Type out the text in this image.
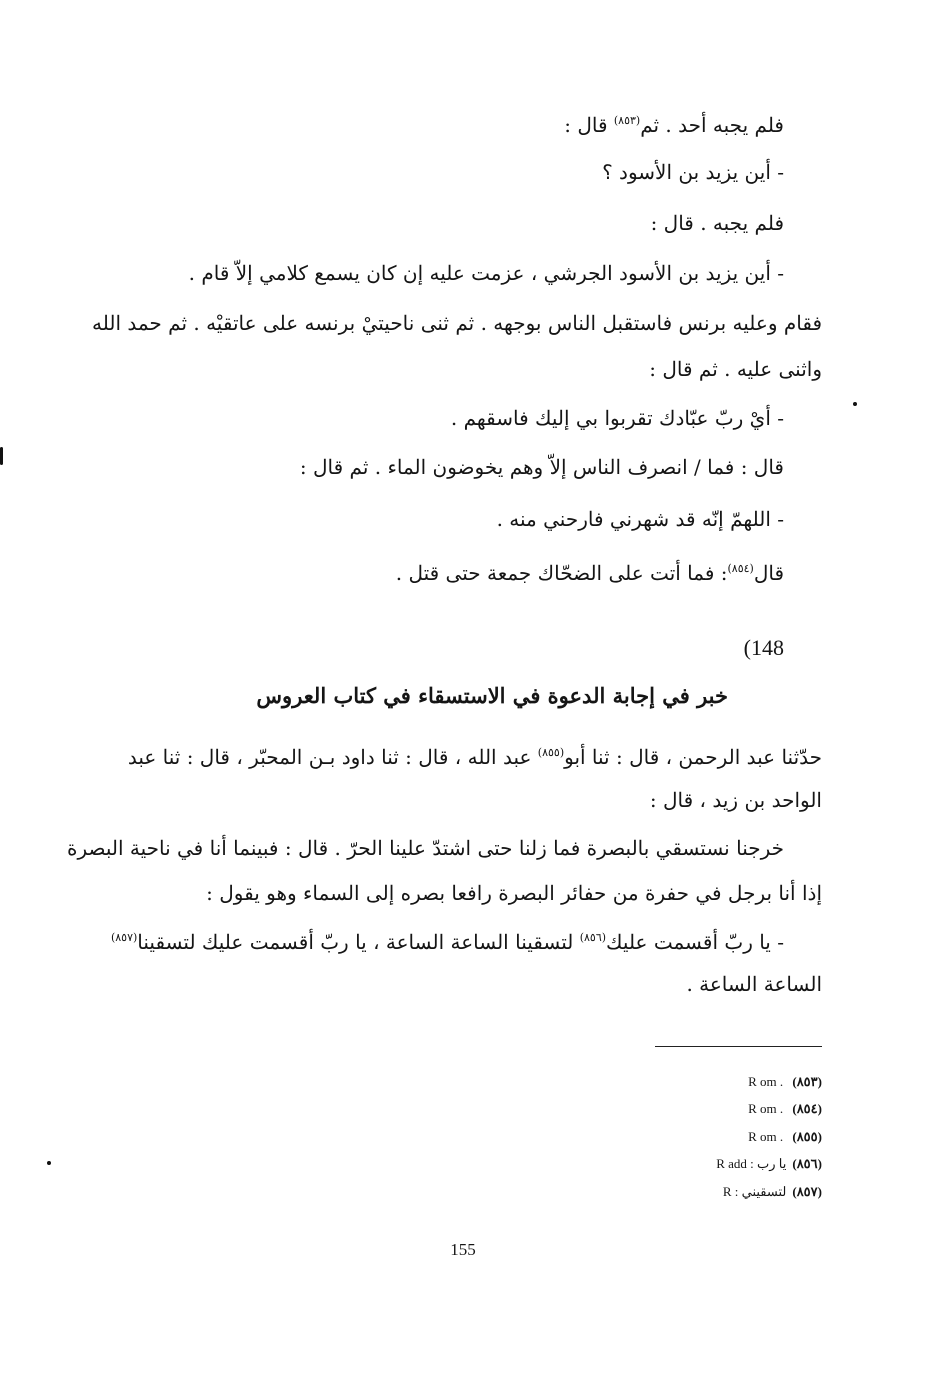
فلم يجبه أحد . ثم$^{(٨٥٣)}$ قال :
- أين يزيد بن الأسود ؟
فلم يجبه . قال :
- أين يزيد بن الأسود الجرشي ، عزمت عليه إن كان يسمع كلامي إلاّ قام .
فقام وعليه برنس فاستقبل الناس بوجهه . ثم ثنى ناحيتيْ برنسه على عاتقيْه . ثم حمد الله
واثنى عليه . ثم قال :
- أيْ ربّ عبّادك تقربوا بي إليك فاسقهم .
قال : فما / انصرف الناس إلاّ وهم يخوضون الماء . ثم قال :
- اللهمّ إنّه قد شهرني فارحني منه .
قال$^{(٨٥٤)}$: فما أتت على الضحّاك جمعة حتى قتل .
(148
خبر في إجابة الدعوة في الاستسقاء في كتاب العروس
حدّثنا عبد الرحمن ، قال : ثنا أبو$^{(٨٥٥)}$ عبد الله ، قال : ثنا داود بـن المحبّر ، قال : ثنا عبد
الواحد بن زيد ، قال :
خرجنا نستسقي بالبصرة فما زلنا حتى اشتدّ علينا الحرّ . قال : فبينما أنا في ناحية البصرة
إذا أنا برجل في حفرة من حفائر البصرة رافعا بصره إلى السماء وهو يقول :
- يا ربّ أقسمت عليك$^{(٨٥٦)}$ لتسقينا الساعة الساعة ، يا ربّ أقسمت عليك لتسقينا$^{(٨٥٧)}$
الساعة الساعة .
(٨٥٣) R om .
(٨٥٤) R om .
(٨٥٥) R om .
(٨٥٦)يا رب R add :
(٨٥٧)لتسقيني R :
155
